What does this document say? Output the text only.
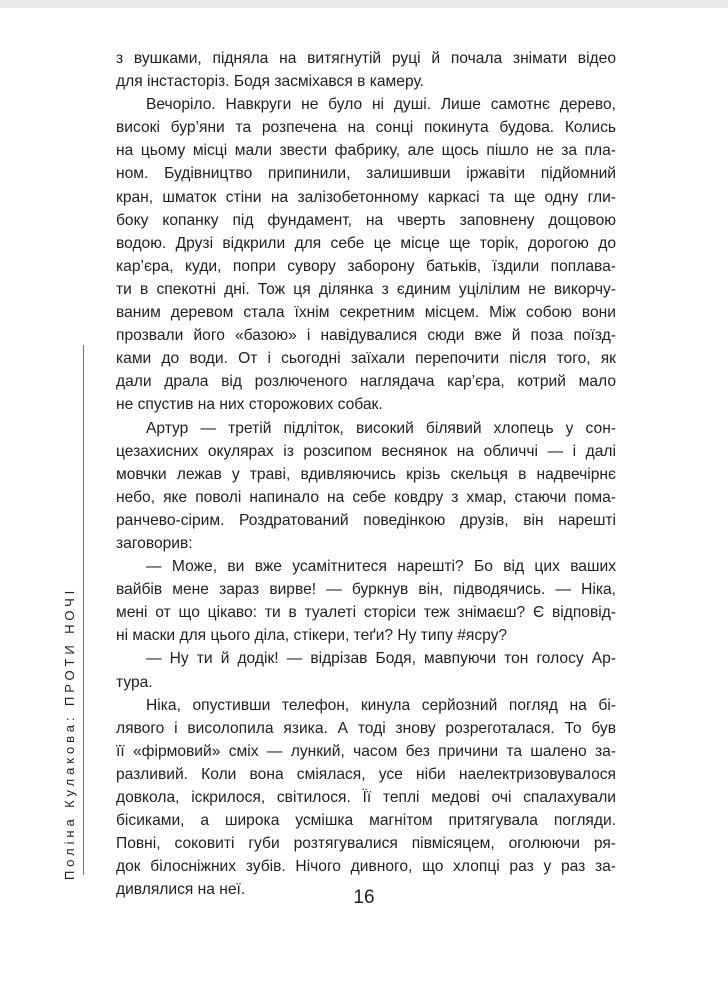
з вушками, підняла на витягнутій руці й почала знімати відео
для інстасторіз. Бодя засміхався в камеру.
Вечоріло. Навкруги не було ні душі. Лише самотнє дерево,
високі бур’яни та розпечена на сонці покинута будова. Колись
на цьому місці мали звести фабрику, але щось пішло не за пла-
ном. Будівництво припинили, залишивши іржавіти підйомний
кран, шматок стіни на залізобетонному каркасі та ще одну гли-
боку копанку під фундамент, на чверть заповнену дощовою
водою. Друзі відкрили для себе це місце ще торік, дорогою до
кар’єра, куди, попри сувору заборону батьків, їздили поплава-
ти в спекотні дні. Тож ця ділянка з єдиним уцілілим не викорчу-
ваним деревом стала їхнім секретним місцем. Між собою вони
прозвали його «базою» і навідувалися сюди вже й поза поїзд-
ками до води. От і сьогодні заїхали перепочити після того, як
дали драла від розлюченого наглядача кар’єра, котрий мало
не спустив на них сторожових собак.
Артур — третій підліток, високий білявий хлопець у сон-
цезахисних окулярах із розсипом веснянок на обличчі — і далі
мовчки лежав у траві, вдивляючись крізь скельця в надвечірнє
небо, яке поволі напинало на себе ковдру з хмар, стаючи пома-
ранчево-сірим. Роздратований поведінкою друзів, він нарешті
заговорив:
— Може, ви вже усамітнитеся нарешті? Бо від цих ваших
вайбів мене зараз вирве! — буркнув він, підводячись. — Ніка,
мені от що цікаво: ти в туалеті сторіси теж знімаєш? Є відповід-
ні маски для цього діла, стікери, теґи? Ну типу #ясру?
— Ну ти й додік! — відрізав Бодя, мавпуючи тон голосу Ар-
тура.
Ніка, опустивши телефон, кинула серйозний погляд на бі-
лявого і висолопила язика. А тоді знову розреготалася. То був
її «фірмовий» сміх — лункий, часом без причини та шалено за-
разливий. Коли вона сміялася, усе ніби наелектризовувалося
довкола, іскрилося, світилося. Її теплі медові очі спалахували
бісиками, а широка усмішка магнітом притягувала погляди.
Повні, соковиті губи розтягувалися півмісяцем, оголюючи ря-
док білосніжних зубів. Нічого дивного, що хлопці раз у раз за-
дивлялися на неї.

Поліна Кулакова: ПРОТИ НОЧІ
16
